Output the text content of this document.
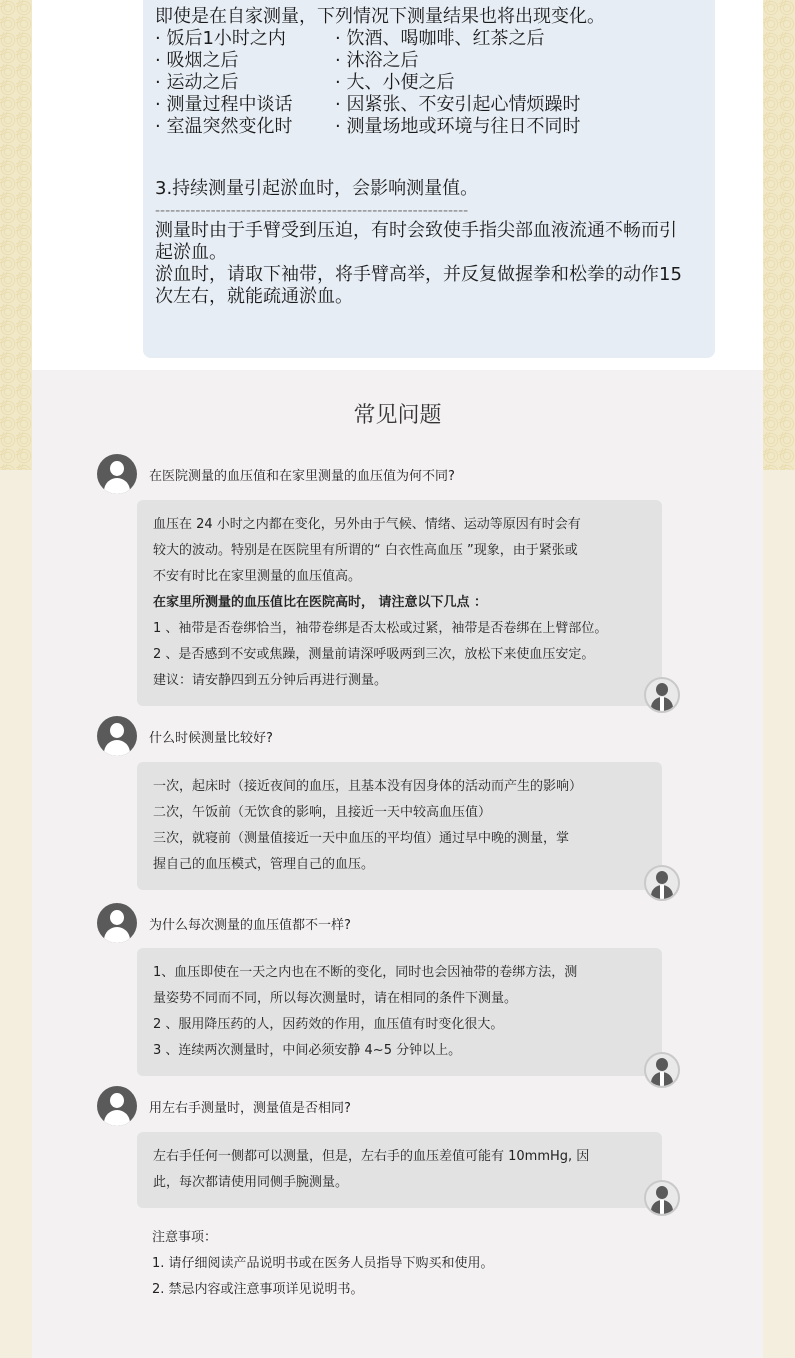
即使是在自家测量，下列情况下测量结果也将出现变化。
· 饭后1小时之内	· 饮酒、喝咖啡、红茶之后
· 吸烟之后	· 沐浴之后
· 运动之后	· 大、小便之后
· 测量过程中谈话	· 因紧张、不安引起心情烦躁时
· 室温突然变化时	· 测量场地或环境与往日不同时
3.持续测量引起淤血时，会影响测量值。
--------------------------------------------------------------
测量时由于手臂受到压迫，有时会致使手指尖部血液流通不畅而引
起淤血。
淤血时，请取下袖带，将手臂高举，并反复做握拳和松拳的动作15
次左右，就能疏通淤血。
常见问题
在医院测量的血压值和在家里测量的血压值为何不同?

血压在 24 小时之内都在变化，另外由于气候、情绪、运动等原因有时会有

较大的波动。特别是在医院里有所谓的“ 白衣性高血压 ”现象，由于紧张或

不安有时比在家里测量的血压值高。

在家里所测量的血压值比在医院高时， 请注意以下几点 ：

1 、袖带是否卷绑恰当，袖带卷绑是否太松或过紧，袖带是否卷绑在上臂部位。

2 、是否感到不安或焦躁，测量前请深呼吸两到三次，放松下来使血压安定。

建议：请安静四到五分钟后再进行测量。

什么时候测量比较好?

一次，起床时（接近夜间的血压，且基本没有因身体的活动而产生的影响）

二次，午饭前（无饮食的影响，且接近一天中较高血压值）

三次，就寝前（测量值接近一天中血压的平均值）通过早中晚的测量，掌

握自己的血压模式，管理自己的血压。

为什么每次测量的血压值都不一样?

1、血压即使在一天之内也在不断的变化，同时也会因袖带的卷绑方法，测

量姿势不同而不同，所以每次测量时，请在相同的条件下测量。

2 、服用降压药的人，因药效的作用，血压值有时变化很大。

3 、连续两次测量时，中间必须安静 4~5 分钟以上。

用左右手测量时，测量值是否相同?

左右手任何一侧都可以测量，但是，左右手的血压差值可能有 10mmHg, 因

此，每次都请使用同侧手腕测量。

注意事项：

1. 请仔细阅读产品说明书或在医务人员指导下购买和使用。

2. 禁忌内容或注意事项详见说明书。
